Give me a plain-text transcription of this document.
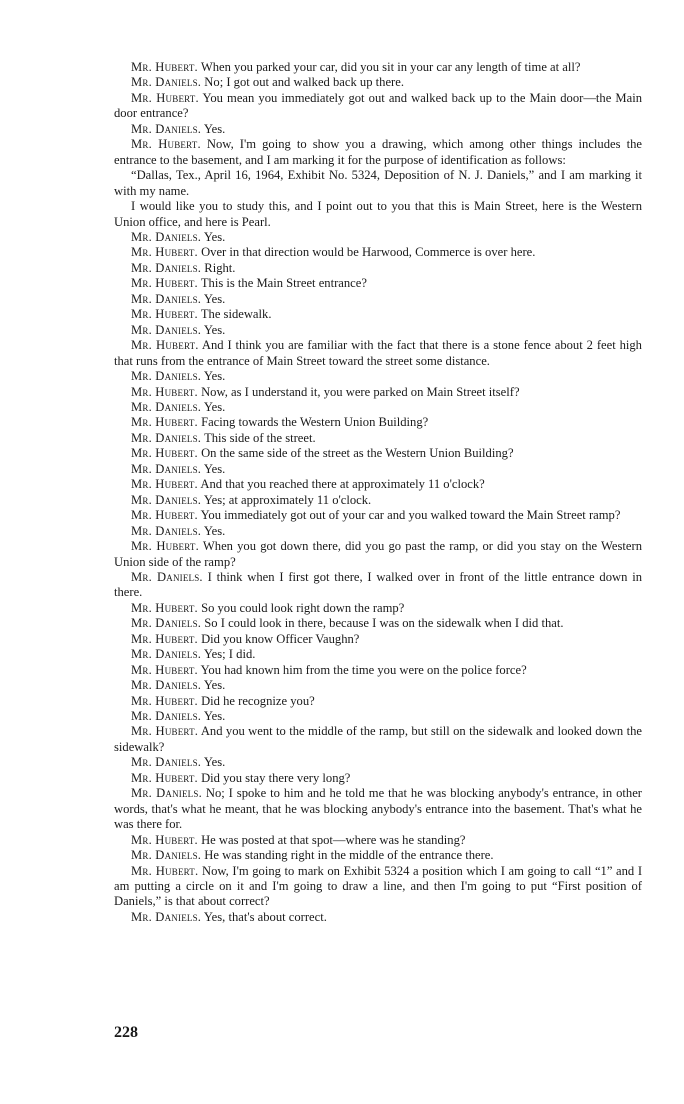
Mr. Hubert. When you parked your car, did you sit in your car any length of time at all?

Mr. Daniels. No; I got out and walked back up there.

Mr. Hubert. You mean you immediately got out and walked back up to the Main door—the Main door entrance?

Mr. Daniels. Yes.

Mr. Hubert. Now, I'm going to show you a drawing, which among other things includes the entrance to the basement, and I am marking it for the purpose of identification as follows:

“Dallas, Tex., April 16, 1964, Exhibit No. 5324, Deposition of N. J. Daniels,” and I am marking it with my name.

I would like you to study this, and I point out to you that this is Main Street, here is the Western Union office, and here is Pearl.

Mr. Daniels. Yes.

Mr. Hubert. Over in that direction would be Harwood, Commerce is over here.

Mr. Daniels. Right.

Mr. Hubert. This is the Main Street entrance?

Mr. Daniels. Yes.

Mr. Hubert. The sidewalk.

Mr. Daniels. Yes.

Mr. Hubert. And I think you are familiar with the fact that there is a stone fence about 2 feet high that runs from the entrance of Main Street toward the street some distance.

Mr. Daniels. Yes.

Mr. Hubert. Now, as I understand it, you were parked on Main Street itself?

Mr. Daniels. Yes.

Mr. Hubert. Facing towards the Western Union Building?

Mr. Daniels. This side of the street.

Mr. Hubert. On the same side of the street as the Western Union Building?

Mr. Daniels. Yes.

Mr. Hubert. And that you reached there at approximately 11 o'clock?

Mr. Daniels. Yes; at approximately 11 o'clock.

Mr. Hubert. You immediately got out of your car and you walked toward the Main Street ramp?

Mr. Daniels. Yes.

Mr. Hubert. When you got down there, did you go past the ramp, or did you stay on the Western Union side of the ramp?

Mr. Daniels. I think when I first got there, I walked over in front of the little entrance down in there.

Mr. Hubert. So you could look right down the ramp?

Mr. Daniels. So I could look in there, because I was on the sidewalk when I did that.

Mr. Hubert. Did you know Officer Vaughn?

Mr. Daniels. Yes; I did.

Mr. Hubert. You had known him from the time you were on the police force?

Mr. Daniels. Yes.

Mr. Hubert. Did he recognize you?

Mr. Daniels. Yes.

Mr. Hubert. And you went to the middle of the ramp, but still on the sidewalk and looked down the sidewalk?

Mr. Daniels. Yes.

Mr. Hubert. Did you stay there very long?

Mr. Daniels. No; I spoke to him and he told me that he was blocking anybody's entrance, in other words, that's what he meant, that he was blocking anybody's entrance into the basement. That's what he was there for.

Mr. Hubert. He was posted at that spot—where was he standing?

Mr. Daniels. He was standing right in the middle of the entrance there.

Mr. Hubert. Now, I'm going to mark on Exhibit 5324 a position which I am going to call “1” and I am putting a circle on it and I'm going to draw a line, and then I'm going to put “First position of Daniels,” is that about correct?

Mr. Daniels. Yes, that's about correct.

228
